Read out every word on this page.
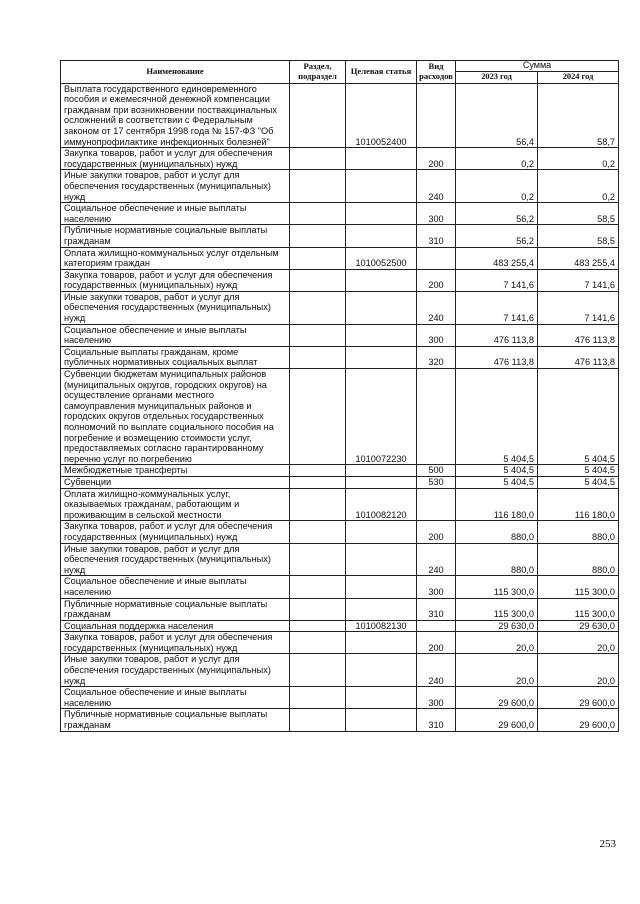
Наименование	Раздел, подраздел	Целевая статья	Вид расходов	Сумма	
				2023 год	2024 год
Выплата государственного единовременного пособия и ежемесячной денежной компенсации гражданам при возникновении поствакцинальных осложнений в соответствии с Федеральным законом от 17 сентября 1998 года № 157-ФЗ "Об иммунопрофилактике инфекционных болезней"		1010052400		56,4	58,7
Закупка товаров, работ и услуг для обеспечения государственных (муниципальных) нужд			200	0,2	0,2
Иные закупки товаров, работ и услуг для обеспечения государственных (муниципальных) нужд			240	0,2	0,2
Социальное обеспечение и иные выплаты населению			300	56,2	58,5
Публичные нормативные социальные выплаты гражданам			310	56,2	58,5
Оплата жилищно-коммунальных услуг отдельным категориям граждан		1010052500		483 255,4	483 255,4
Закупка товаров, работ и услуг для обеспечения государственных (муниципальных) нужд			200	7 141,6	7 141,6
Иные закупки товаров, работ и услуг для обеспечения государственных (муниципальных) нужд			240	7 141,6	7 141,6
Социальное обеспечение и иные выплаты населению			300	476 113,8	476 113,8
Социальные выплаты гражданам, кроме публичных нормативных социальных выплат			320	476 113,8	476 113,8
Субвенции бюджетам муниципальных районов (муниципальных округов, городских округов) на осуществление органами местного самоуправления муниципальных районов и городских округов отдельных государственных полномочий по выплате социального пособия на погребение и возмещению стоимости услуг, предоставляемых согласно гарантированному перечню услуг по погребению		1010072230		5 404,5	5 404,5
Межбюджетные трансферты			500	5 404,5	5 404,5
Субвенции			530	5 404,5	5 404,5
Оплата жилищно-коммунальных услуг, оказываемых гражданам, работающим и проживающим в сельской местности		1010082120		116 180,0	116 180,0
Закупка товаров, работ и услуг для обеспечения государственных (муниципальных) нужд			200	880,0	880,0
Иные закупки товаров, работ и услуг для обеспечения государственных (муниципальных) нужд			240	880,0	880,0
Социальное обеспечение и иные выплаты населению			300	115 300,0	115 300,0
Публичные нормативные социальные выплаты гражданам			310	115 300,0	115 300,0
Социальная поддержка населения		1010082130		29 630,0	29 630,0
Закупка товаров, работ и услуг для обеспечения государственных (муниципальных) нужд			200	20,0	20,0
Иные закупки товаров, работ и услуг для обеспечения государственных (муниципальных) нужд			240	20,0	20,0
Социальное обеспечение и иные выплаты населению			300	29 600,0	29 600,0
Публичные нормативные социальные выплаты гражданам			310	29 600,0	29 600,0
253
